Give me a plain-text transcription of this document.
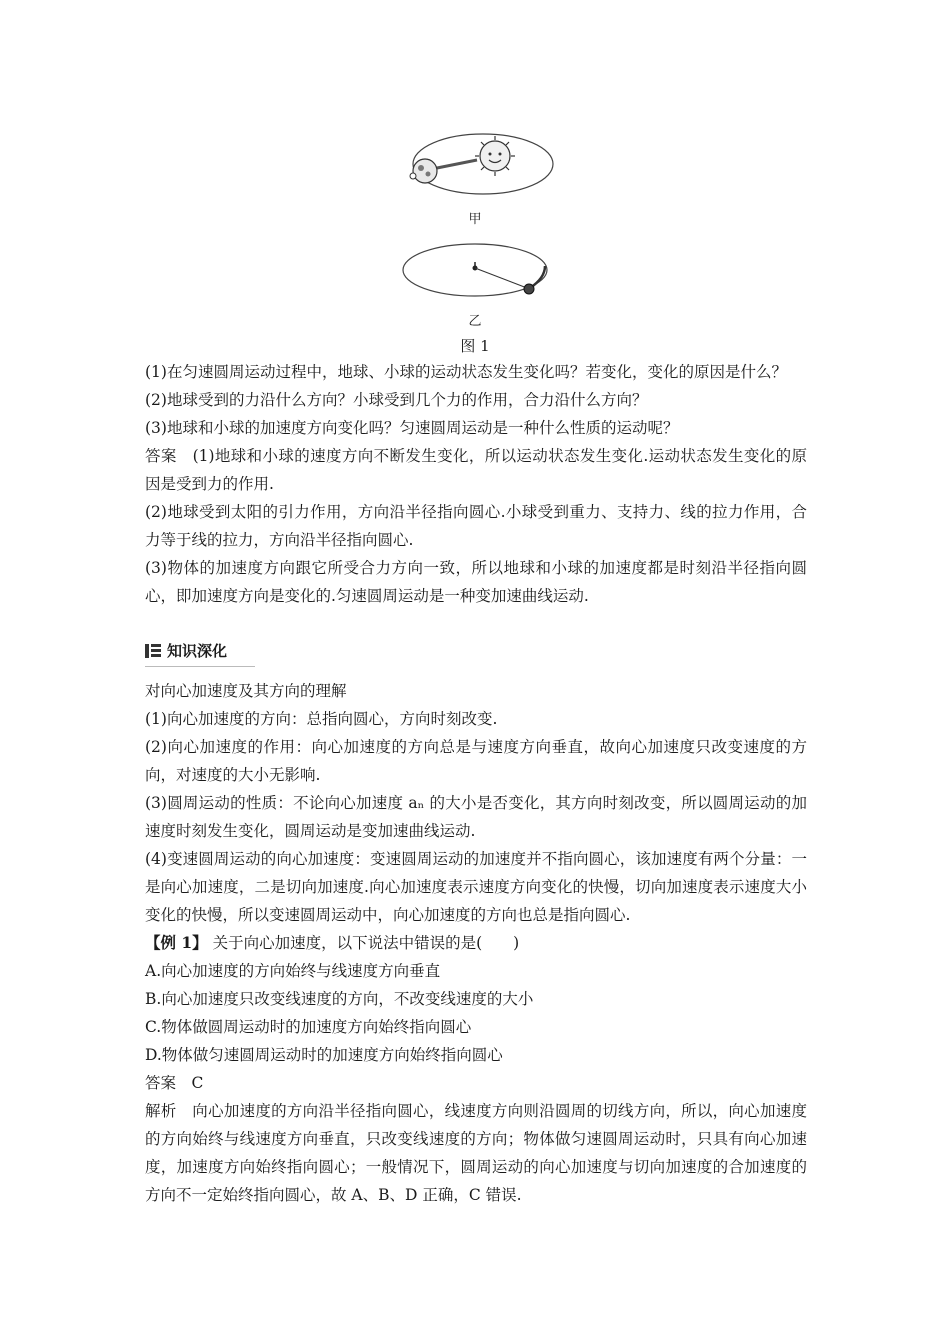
甲
乙
图 1

(1)在匀速圆周运动过程中，地球、小球的运动状态发生变化吗？若变化，变化的原因是什么？

(2)地球受到的力沿什么方向？小球受到几个力的作用，合力沿什么方向？

(3)地球和小球的加速度方向变化吗？匀速圆周运动是一种什么性质的运动呢？

答案　(1)地球和小球的速度方向不断发生变化，所以运动状态发生变化.运动状态发生变化的原因是受到力的作用.

(2)地球受到太阳的引力作用，方向沿半径指向圆心.小球受到重力、支持力、线的拉力作用，合力等于线的拉力，方向沿半径指向圆心.

(3)物体的加速度方向跟它所受合力方向一致，所以地球和小球的加速度都是时刻沿半径指向圆心，即加速度方向是变化的.匀速圆周运动是一种变加速曲线运动.

知识深化

对向心加速度及其方向的理解

(1)向心加速度的方向：总指向圆心，方向时刻改变.

(2)向心加速度的作用：向心加速度的方向总是与速度方向垂直，故向心加速度只改变速度的方向，对速度的大小无影响.

(3)圆周运动的性质：不论向心加速度 aₙ 的大小是否变化，其方向时刻改变，所以圆周运动的加速度时刻发生变化，圆周运动是变加速曲线运动.

(4)变速圆周运动的向心加速度：变速圆周运动的加速度并不指向圆心，该加速度有两个分量：一是向心加速度，二是切向加速度.向心加速度表示速度方向变化的快慢，切向加速度表示速度大小变化的快慢，所以变速圆周运动中，向心加速度的方向也总是指向圆心.

【例 1】 关于向心加速度，以下说法中错误的是(　　)

A.向心加速度的方向始终与线速度方向垂直

B.向心加速度只改变线速度的方向，不改变线速度的大小

C.物体做圆周运动时的加速度方向始终指向圆心

D.物体做匀速圆周运动时的加速度方向始终指向圆心

答案　C

解析　向心加速度的方向沿半径指向圆心，线速度方向则沿圆周的切线方向，所以，向心加速度的方向始终与线速度方向垂直，只改变线速度的方向；物体做匀速圆周运动时，只具有向心加速度，加速度方向始终指向圆心；一般情况下，圆周运动的向心加速度与切向加速度的合加速度的方向不一定始终指向圆心，故 A、B、D 正确，C 错误.
